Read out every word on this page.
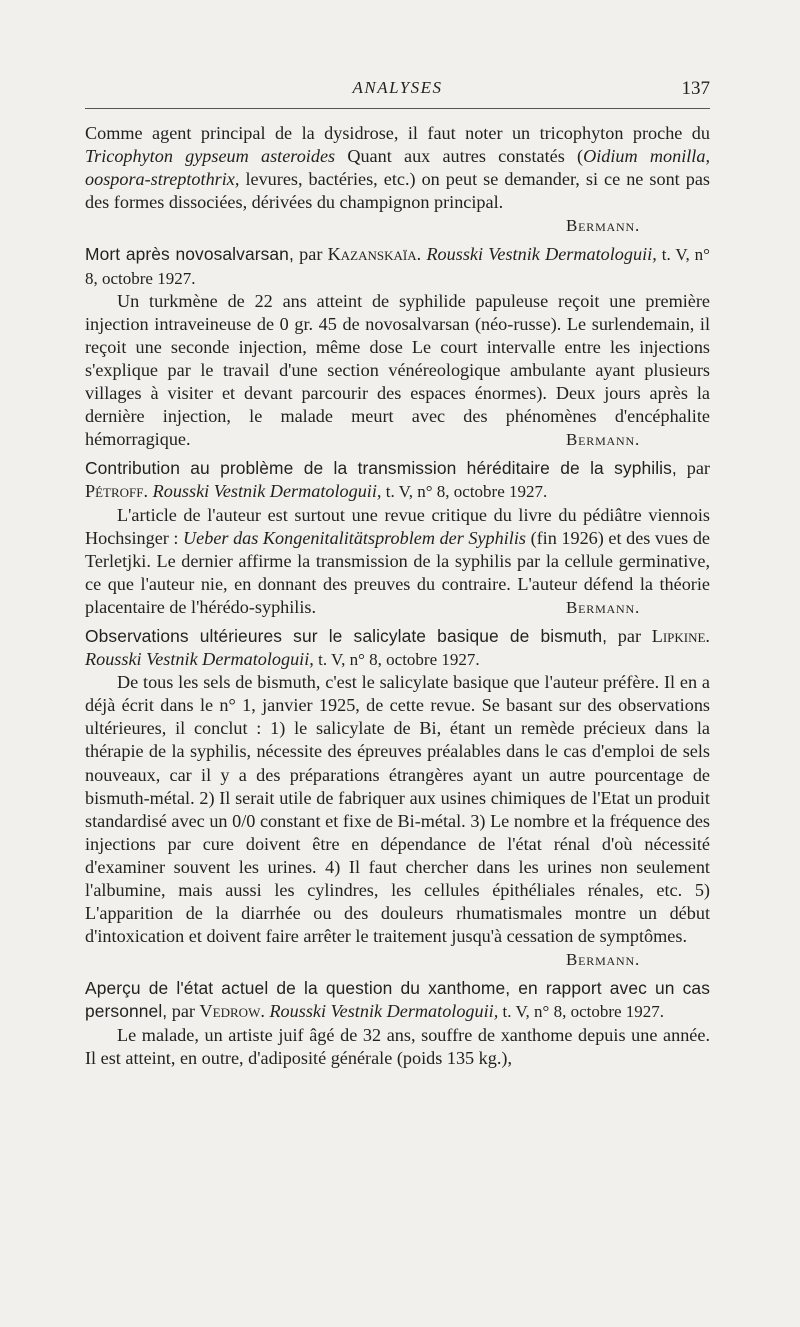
ANALYSES	137

Comme agent principal de la dysidrose, il faut noter un tricophyton proche du Tricophyton gypseum asteroides Quant aux autres constatés (Oidium monilla, oospora-streptothrix, levures, bactéries, etc.) on peut se demander, si ce ne sont pas des formes dissociées, dérivées du champignon principal.

Bermann.

Mort après novosalvarsan, par Kazanskaïa. Rousski Vestnik Dermatologuii, t. V, n° 8, octobre 1927.

Un turkmène de 22 ans atteint de syphilide papuleuse reçoit une première injection intraveineuse de 0 gr. 45 de novosalvarsan (néo-russe). Le surlendemain, il reçoit une seconde injection, même dose Le court intervalle entre les injections s'explique par le travail d'une section vénéreologique ambulante ayant plusieurs villages à visiter et devant parcourir des espaces énormes). Deux jours après la dernière injection, le malade meurt avec des phénomènes d'encéphalite hémorragique.	Bermann.

Contribution au problème de la transmission héréditaire de la syphilis, par Pétroff. Rousski Vestnik Dermatologuii, t. V, n° 8, octobre 1927.

L'article de l'auteur est surtout une revue critique du livre du pédiâtre viennois Hochsinger : Ueber das Kongenitalitätsproblem der Syphilis (fin 1926) et des vues de Terletjki. Le dernier affirme la transmission de la syphilis par la cellule germinative, ce que l'auteur nie, en donnant des preuves du contraire. L'auteur défend la théorie placentaire de l'hérédo-syphilis.	Bermann.

Observations ultérieures sur le salicylate basique de bismuth, par Lipkine. Rousski Vestnik Dermatologuii, t. V, n° 8, octobre 1927.

De tous les sels de bismuth, c'est le salicylate basique que l'auteur préfère. Il en a déjà écrit dans le n° 1, janvier 1925, de cette revue. Se basant sur des observations ultérieures, il conclut : 1) le salicylate de Bi, étant un remède précieux dans la thérapie de la syphilis, nécessite des épreuves préalables dans le cas d'emploi de sels nouveaux, car il y a des préparations étrangères ayant un autre pourcentage de bismuth-métal. 2) Il serait utile de fabriquer aux usines chimiques de l'Etat un produit standardisé avec un 0/0 constant et fixe de Bi-métal. 3) Le nombre et la fréquence des injections par cure doivent être en dépendance de l'état rénal d'où nécessité d'examiner souvent les urines. 4) Il faut chercher dans les urines non seulement l'albumine, mais aussi les cylindres, les cellules épithéliales rénales, etc. 5) L'apparition de la diarrhée ou des douleurs rhumatismales montre un début d'intoxication et doivent faire arrêter le traitement jusqu'à cessation de symptômes.
Bermann.

Aperçu de l'état actuel de la question du xanthome, en rapport avec un cas personnel, par Vedrow. Rousski Vestnik Dermatologuii, t. V, n° 8, octobre 1927.

Le malade, un artiste juif âgé de 32 ans, souffre de xanthome depuis une année. Il est atteint, en outre, d'adiposité générale (poids 135 kg.),
